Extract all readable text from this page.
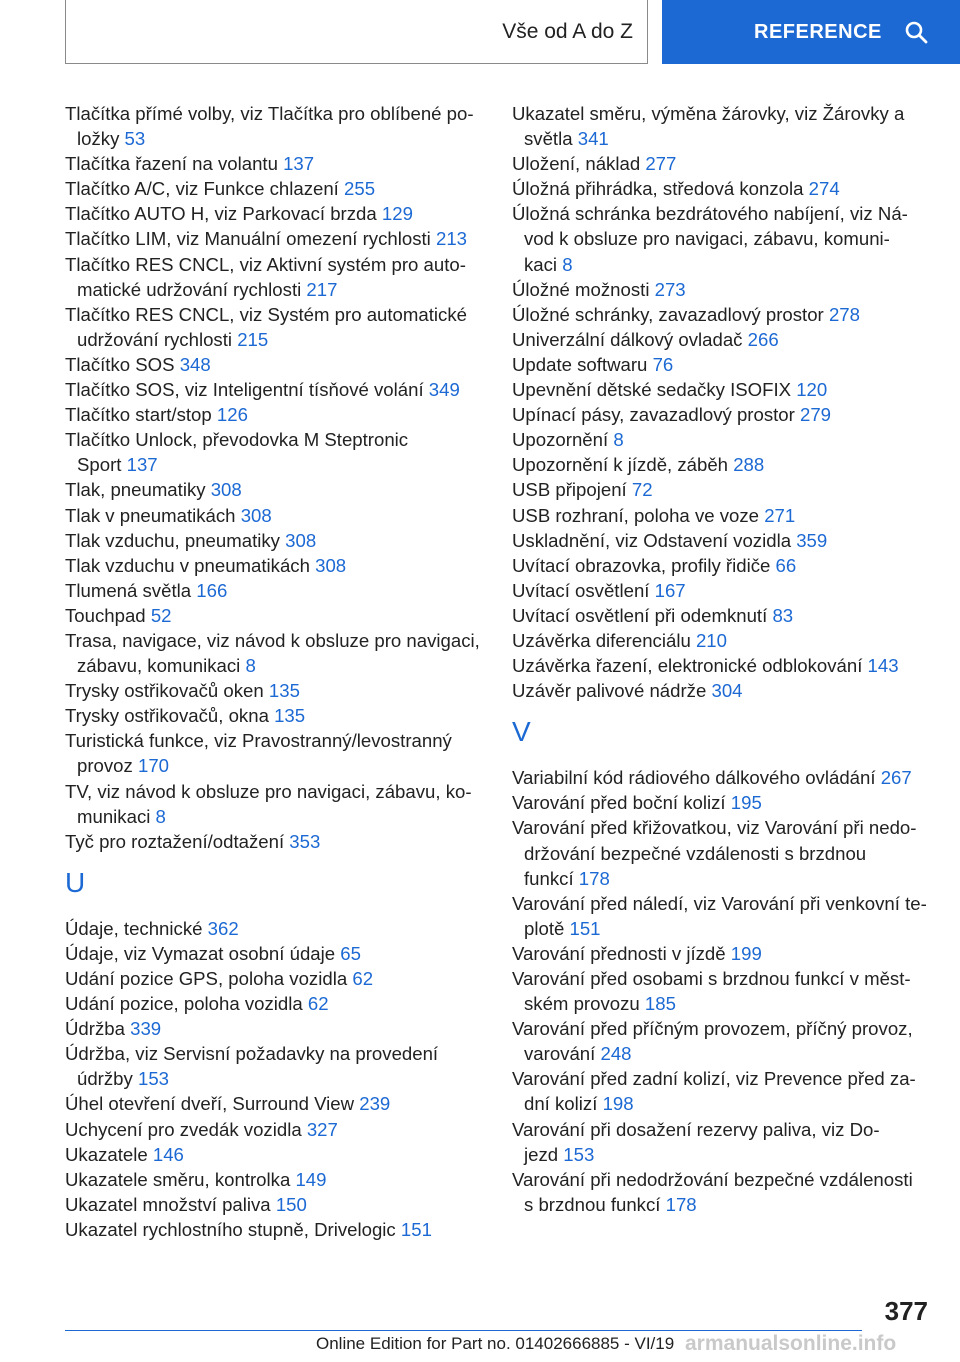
Vše od A do Z	REFERENCE
Tlačítka přímé volby, viz Tlačítka pro oblíbené po-
ložky 53
Tlačítka řazení na volantu 137
Tlačítko A/C, viz Funkce chlazení 255
Tlačítko AUTO H, viz Parkovací brzda 129
Tlačítko LIM, viz Manuální omezení rychlosti 213
Tlačítko RES CNCL, viz Aktivní systém pro auto-
matické udržování rychlosti 217
Tlačítko RES CNCL, viz Systém pro automatické
udržování rychlosti 215
Tlačítko SOS 348
Tlačítko SOS, viz Inteligentní tísňové volání 349
Tlačítko start/stop 126
Tlačítko Unlock, převodovka M Steptronic
Sport 137
Tlak, pneumatiky 308
Tlak v pneumatikách 308
Tlak vzduchu, pneumatiky 308
Tlak vzduchu v pneumatikách 308
Tlumená světla 166
Touchpad 52
Trasa, navigace, viz návod k obsluze pro navigaci,
zábavu, komunikaci 8
Trysky ostřikovačů oken 135
Trysky ostřikovačů, okna 135
Turistická funkce, viz Pravostranný/levostranný
provoz 170
TV, viz návod k obsluze pro navigaci, zábavu, ko-
munikaci 8
Tyč pro roztažení/odtažení 353
U
Údaje, technické 362
Údaje, viz Vymazat osobní údaje 65
Udání pozice GPS, poloha vozidla 62
Udání pozice, poloha vozidla 62
Údržba 339
Údržba, viz Servisní požadavky na provedení
údržby 153
Úhel otevření dveří, Surround View 239
Uchycení pro zvedák vozidla 327
Ukazatele 146
Ukazatele směru, kontrolka 149
Ukazatel množství paliva 150
Ukazatel rychlostního stupně, Drivelogic 151
Ukazatel směru, výměna žárovky, viz Žárovky a
světla 341
Uložení, náklad 277
Úložná přihrádka, středová konzola 274
Úložná schránka bezdrátového nabíjení, viz Ná-
vod k obsluze pro navigaci, zábavu, komuni-
kaci 8
Úložné možnosti 273
Úložné schránky, zavazadlový prostor 278
Univerzální dálkový ovladač 266
Update softwaru 76
Upevnění dětské sedačky ISOFIX 120
Upínací pásy, zavazadlový prostor 279
Upozornění 8
Upozornění k jízdě, záběh 288
USB připojení 72
USB rozhraní, poloha ve voze 271
Uskladnění, viz Odstavení vozidla 359
Uvítací obrazovka, profily řidiče 66
Uvítací osvětlení 167
Uvítací osvětlení při odemknutí 83
Uzávěrka diferenciálu 210
Uzávěrka řazení, elektronické odblokování 143
Uzávěr palivové nádrže 304
V
Variabilní kód rádiového dálkového ovládání 267
Varování před boční kolizí 195
Varování před křižovatkou, viz Varování při nedo-
držování bezpečné vzdálenosti s brzdnou
funkcí 178
Varování před náledí, viz Varování při venkovní te-
plotě 151
Varování přednosti v jízdě 199
Varování před osobami s brzdnou funkcí v měst-
ském provozu 185
Varování před příčným provozem, příčný provoz,
varování 248
Varování před zadní kolizí, viz Prevence před za-
dní kolizí 198
Varování při dosažení rezervy paliva, viz Do-
jezd 153
Varování při nedodržování bezpečné vzdálenosti
s brzdnou funkcí 178
377
Online Edition for Part no. 01402666885 - VI/19 armanualsonline.info
